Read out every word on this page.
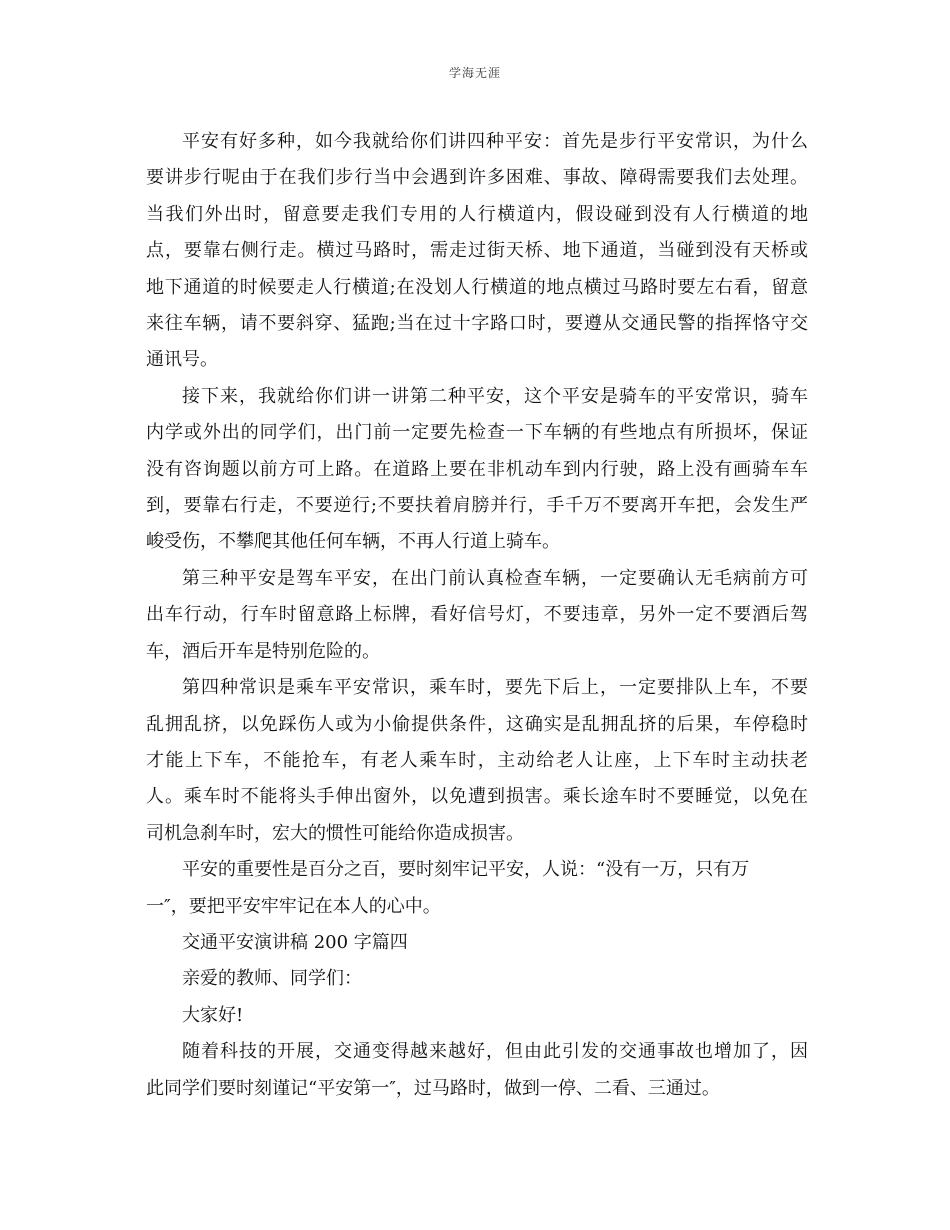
学海无涯

平安有好多种，如今我就给你们讲四种平安：首先是步行平安常识，为什么
要讲步行呢由于在我们步行当中会遇到许多困难、事故、障碍需要我们去处理。
当我们外出时，留意要走我们专用的人行横道内，假设碰到没有人行横道的地
点，要靠右侧行走。横过马路时，需走过街天桥、地下通道，当碰到没有天桥或
地下通道的时候要走人行横道;在没划人行横道的地点横过马路时要左右看，留意
来往车辆，请不要斜穿、猛跑;当在过十字路口时，要遵从交通民警的指挥恪守交
通讯号。

接下来，我就给你们讲一讲第二种平安，这个平安是骑车的平安常识，骑车
内学或外出的同学们，出门前一定要先检查一下车辆的有些地点有所损坏，保证
没有咨询题以前方可上路。在道路上要在非机动车到内行驶，路上没有画骑车车
到，要靠右行走，不要逆行;不要扶着肩膀并行，手千万不要离开车把，会发生严
峻受伤，不攀爬其他任何车辆，不再人行道上骑车。

第三种平安是驾车平安，在出门前认真检查车辆，一定要确认无毛病前方可
出车行动，行车时留意路上标牌，看好信号灯，不要违章，另外一定不要酒后驾
车，酒后开车是特别危险的。

第四种常识是乘车平安常识，乘车时，要先下后上，一定要排队上车，不要
乱拥乱挤，以免踩伤人或为小偷提供条件，这确实是乱拥乱挤的后果，车停稳时
才能上下车，不能抢车，有老人乘车时，主动给老人让座，上下车时主动扶老
人。乘车时不能将头手伸出窗外，以免遭到损害。乘长途车时不要睡觉，以免在
司机急刹车时，宏大的惯性可能给你造成损害。

平安的重要性是百分之百，要时刻牢记平安，人说：“没有一万，只有万
一″，要把平安牢牢记在本人的心中。

交通平安演讲稿 200 字篇四

亲爱的教师、同学们：

大家好!

随着科技的开展，交通变得越来越好，但由此引发的交通事故也增加了，因
此同学们要时刻谨记“平安第一″，过马路时，做到一停、二看、三通过。
